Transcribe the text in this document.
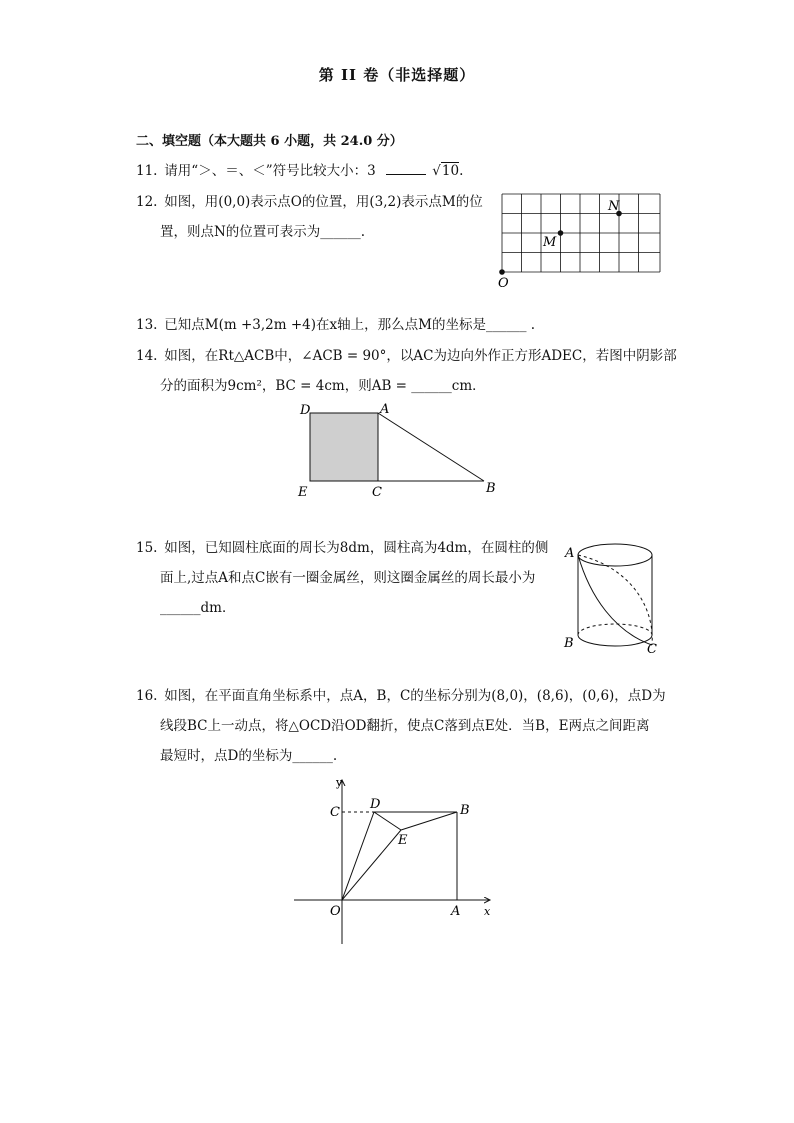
第 II 卷（非选择题）
二、填空题（本大题共 6 小题，共 24.0 分）
11. 请用“＞、＝、＜”符号比较大小：3	√10.
12. 如图，用(0,0)表示点O的位置，用(3,2)表示点M的位
置，则点N的位置可表示为______.
O
M
N
13. 已知点M(m +3,2m +4)在x轴上，那么点M的坐标是______ .
14. 如图，在Rt△ACB中，∠ACB = 90°，以AC为边向外作正方形ADEC，若图中阴影部
分的面积为9cm²，BC = 4cm，则AB = ______cm．
D	A
E	C	B
15. 如图，已知圆柱底面的周长为8dm，圆柱高为4dm，在圆柱的侧
面上,过点A和点C嵌有一圈金属丝，则这圈金属丝的周长最小为
______dm．
A
B	C
16. 如图，在平面直角坐标系中，点A，B，C的坐标分别为(8,0)，(8,6)，(0,6)，点D为
线段BC上一动点，将△OCD沿OD翻折，使点C落到点E处．当B，E两点之间距离
最短时，点D的坐标为______.
y
x
C
D	B
E
O	A
